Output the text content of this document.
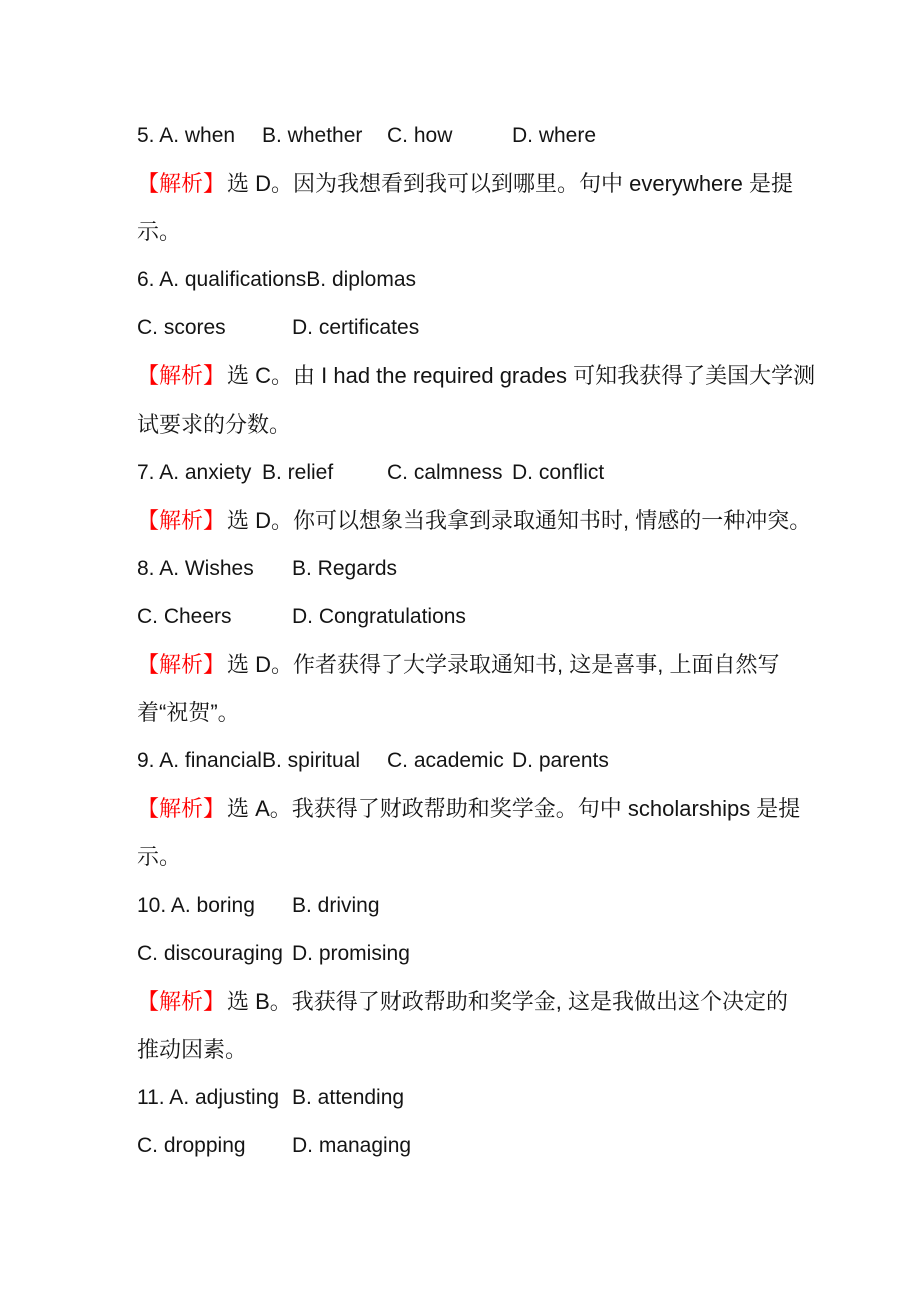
5. A. when B. whether C. how	D. where
【解析】选 D。因为我想看到我可以到哪里。句中 everywhere 是提
示。
6. A. qualificationsB. diplomas
C. scores	D. certificates
【解析】选 C。由 I had the required grades 可知我获得了美国大学测
试要求的分数。
7. A. anxiety B. relief	C. calmness D. conflict
【解析】选 D。你可以想象当我拿到录取通知书时, 情感的一种冲突。
8. A. Wishes B. Regards
C. Cheers	D. Congratulations
【解析】选 D。作者获得了大学录取通知书, 这是喜事, 上面自然写
着“祝贺”。
9. A. financialB. spiritual C. academic D. parents
【解析】选 A。我获得了财政帮助和奖学金。句中 scholarships 是提
示。
10. A. boring B. driving
C. discouraging D. promising
【解析】选 B。我获得了财政帮助和奖学金, 这是我做出这个决定的
推动因素。
11. A. adjusting B. attending
C. dropping D. managing
